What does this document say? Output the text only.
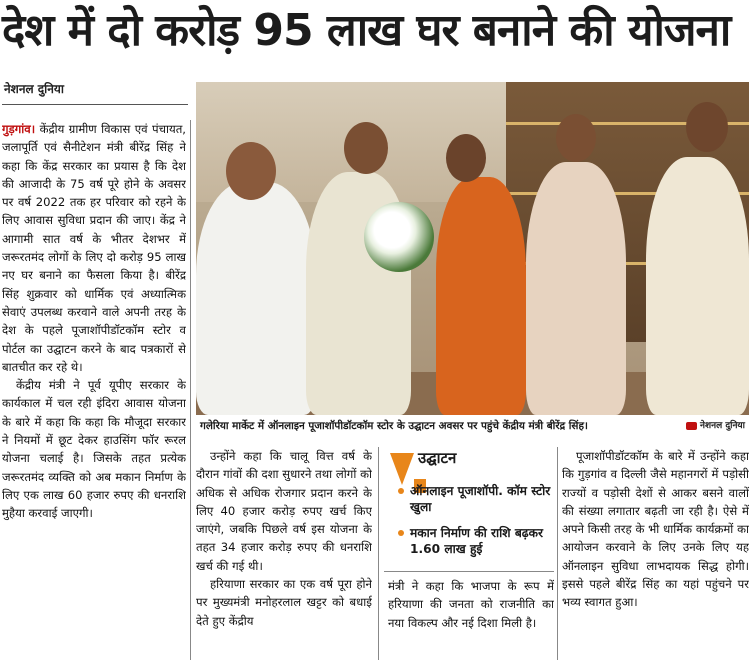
देश में दो करोड़ 95 लाख घर बनाने की योजना
नेशनल दुनिया

गुड़गांव। केंद्रीय ग्रामीण विकास एवं पंचायत, जलापूर्ति एवं सैनीटेशन मंत्री बीरेंद्र सिंह ने कहा कि केंद्र सरकार का प्रयास है कि देश की आजादी के 75 वर्ष पूरे होने के अवसर पर वर्ष 2022 तक हर परिवार को रहने के लिए आवास सुविधा प्रदान की जाए। केंद्र ने आगामी सात वर्ष के भीतर देशभर में जरूरतमंद लोगों के लिए दो करोड़ 95 लाख नए घर बनाने का फैसला किया है। बीरेंद्र सिंह शुक्रवार को धार्मिक एवं अध्यात्मिक सेवाएं उपलब्ध करवाने वाले अपनी तरह के देश के पहले पूजाशॉपीडॉटकॉम स्टोर व पोर्टल का उद्घाटन करने के बाद पत्रकारों से बातचीत कर रहे थे।

केंद्रीय मंत्री ने पूर्व यूपीए सरकार के कार्यकाल में चल रही इंदिरा आवास योजना के बारे में कहा कि कहा कि मौजूदा सरकार ने नियमों में छूट देकर हाउसिंग फॉर रूरल योजना चलाई है। जिसके तहत प्रत्येक जरूरतमंद व्यक्ति को अब मकान निर्माण के लिए एक लाख 60 हजार रुपए की धनराशि मुहैया करवाई जाएगी।

गलेरिया मार्केट में ऑनलाइन पूजाशॉपीडॉटकॉम स्टोर के उद्घाटन अवसर पर पहुंचे केंद्रीय मंत्री बीरेंद्र सिंह।	नेशनल दुनिया

उन्होंने कहा कि चालू वित्त वर्ष के दौरान गांवों की दशा सुधारने तथा लोगों को अधिक से अधिक रोजगार प्रदान करने के लिए 40 हजार करोड़ रुपए खर्च किए जाएंगे, जबकि पिछले वर्ष इस योजना के तहत 34 हजार करोड़ रुपए की धनराशि खर्च की गई थी।

हरियाणा सरकार का एक वर्ष पूरा होने पर मुख्यमंत्री मनोहरलाल खट्टर को बधाई देते हुए केंद्रीय

उद्घाटन
ऑनलाइन पूजाशॉपी. कॉम स्टोर खुला
मकान निर्माण की राशि बढ़कर 1.60 लाख हुई

मंत्री ने कहा कि भाजपा के रूप में हरियाणा की जनता को राजनीति का नया विकल्प और नई दिशा मिली है।

पूजाशॉपीडॉटकॉम के बारे में उन्होंने कहा कि गुड़गांव व दिल्ली जैसे महानगरों में पड़ोसी राज्यों व पड़ोसी देशों से आकर बसने वालों की संख्या लगातार बढ़ती जा रही है। ऐसे में अपने किसी तरह के भी धार्मिक कार्यक्रमों का आयोजन करवाने के लिए उनके लिए यह ऑनलाइन सुविधा लाभदायक सिद्ध होगी। इससे पहले बीरेंद्र सिंह का यहां पहुंचने पर भव्य स्वागत हुआ।
